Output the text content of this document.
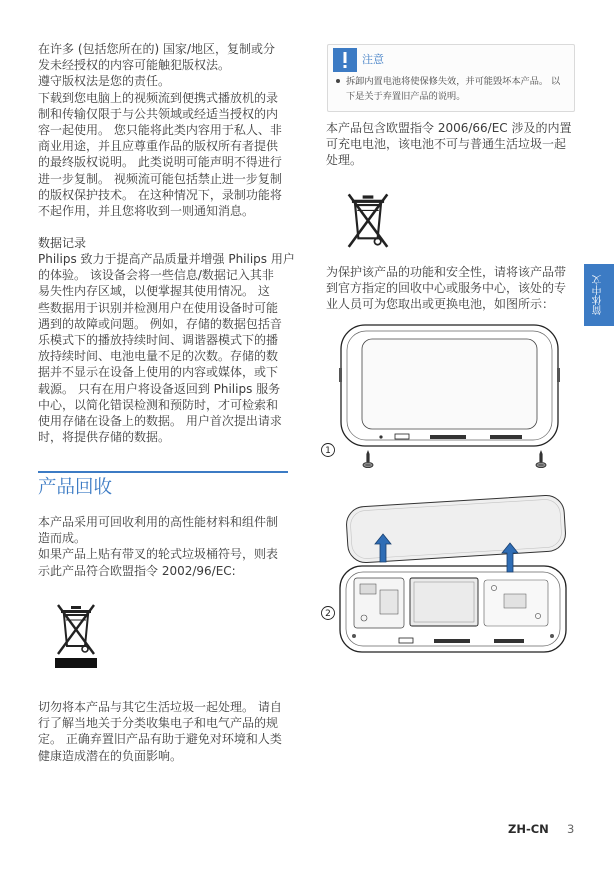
在许多 (包括您所在的) 国家/地区，复制或分
发未经授权的内容可能触犯版权法。
遵守版权法是您的责任。
下载到您电脑上的视频流到便携式播放机的录
制和传输仅限于与公共领域或经适当授权的内
容一起使用。 您只能将此类内容用于私人、非
商业用途，并且应尊重作品的版权所有者提供
的最终版权说明。 此类说明可能声明不得进行
进一步复制。 视频流可能包括禁止进一步复制
的版权保护技术。 在这种情况下，录制功能将
不起作用，并且您将收到一则通知消息。
数据记录
Philips 致力于提高产品质量并增强 Philips 用户
的体验。 该设备会将一些信息/数据记入其非
易失性内存区域，以便掌握其使用情况。 这
些数据用于识别并检测用户在使用设备时可能
遇到的故障或问题。 例如，存储的数据包括音
乐模式下的播放持续时间、调谐器模式下的播
放持续时间、电池电量不足的次数。存储的数
据并不显示在设备上使用的内容或媒体，或下
载源。 只有在用户将设备返回到 Philips 服务
中心，以简化错误检测和预防时，才可检索和
使用存储在设备上的数据。 用户首次提出请求
时，将提供存储的数据。
产品回收
本产品采用可回收利用的高性能材料和组件制
造而成。
如果产品上贴有带叉的轮式垃圾桶符号，则表
示此产品符合欧盟指令 2002/96/EC:
切勿将本产品与其它生活垃圾一起处理。 请自
行了解当地关于分类收集电子和电气产品的规
定。 正确弃置旧产品有助于避免对环境和人类
健康造成潜在的负面影响。
注意
拆卸内置电池将使保修失效，并可能毁坏本产品。 以
下是关于弃置旧产品的说明。
本产品包含欧盟指令 2006/66/EC 涉及的内置
可充电电池，该电池不可与普通生活垃圾一起
处理。
为保护该产品的功能和安全性，请将该产品带
到官方指定的回收中心或服务中心，该处的专
业人员可为您取出或更换电池，如图所示：
1
2
简体中文
ZH-CN 3
